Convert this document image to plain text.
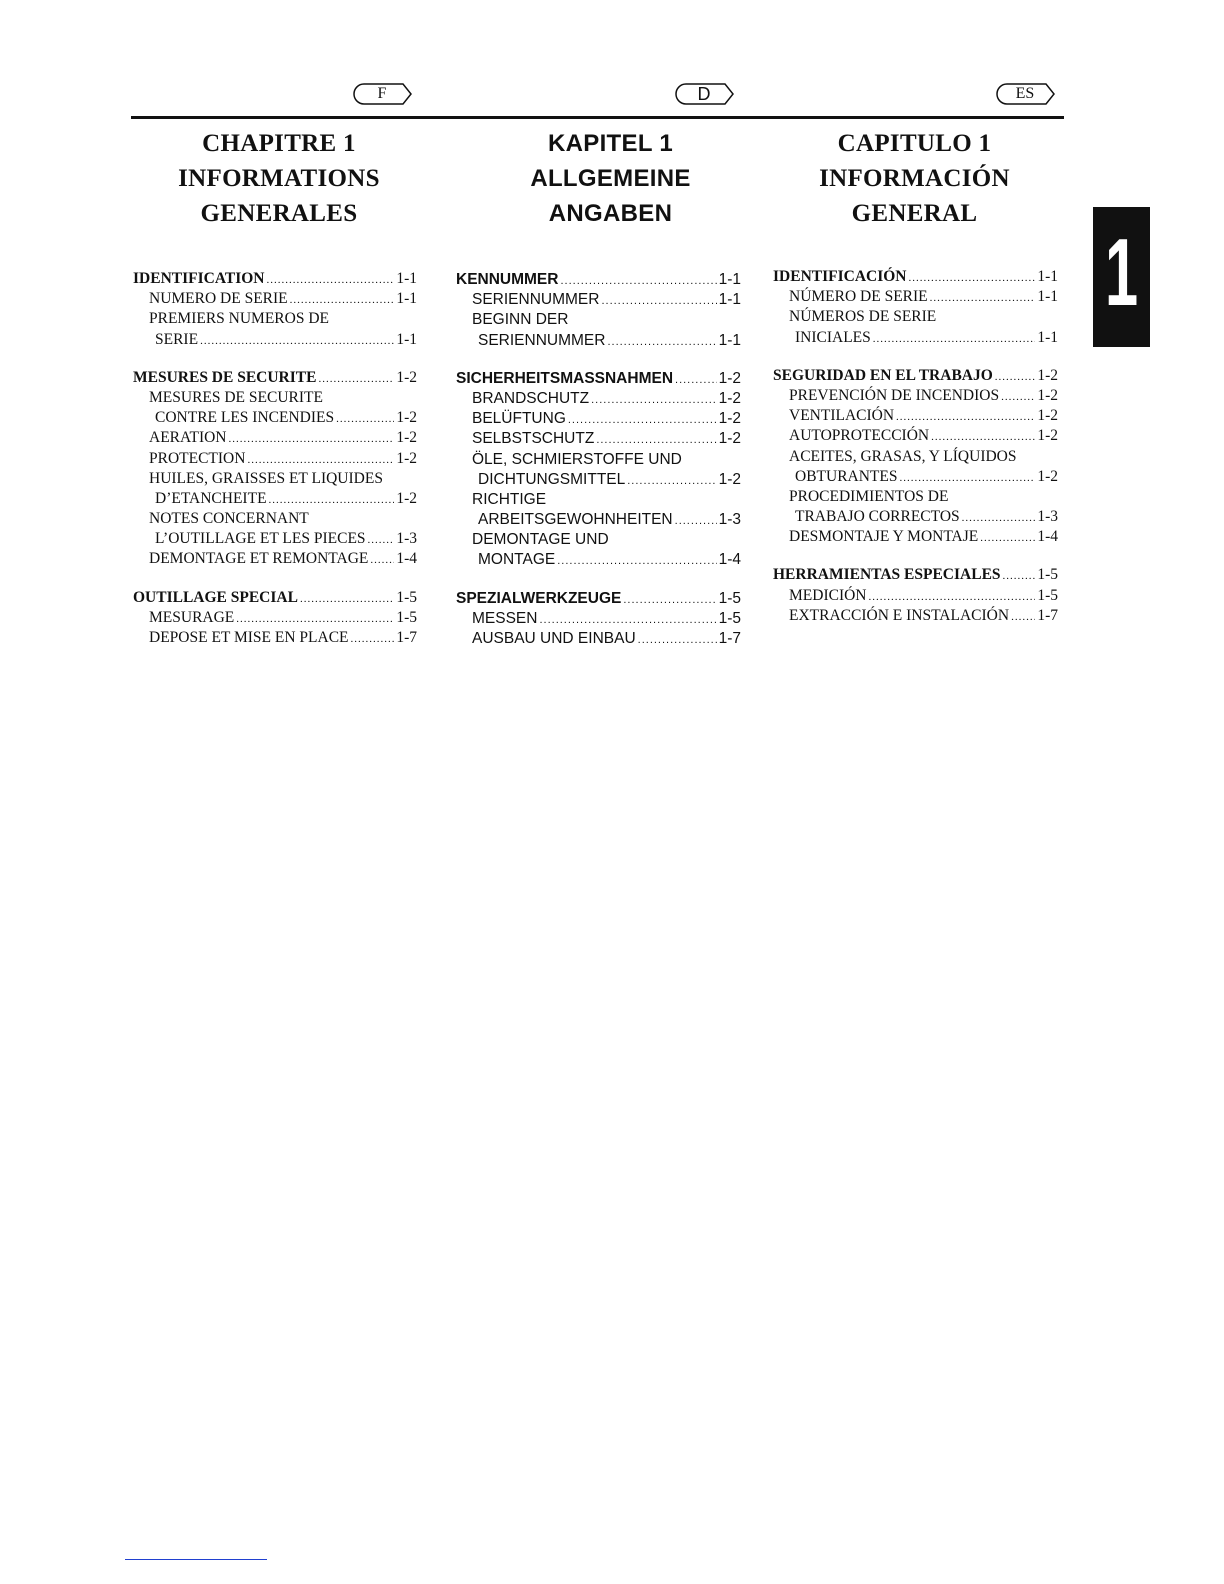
F	D	ES

CHAPITRE 1

INFORMATIONS

GENERALES

IDENTIFICATION .....	1-1
NUMERO DE SERIE .....	1-1
PREMIERS NUMEROS DE
SERIE .....	1-1
MESURES DE SECURITE .....	1-2
MESURES DE SECURITE
CONTRE LES INCENDIES .....	1-2
AERATION .....	1-2
PROTECTION .....	1-2
HUILES, GRAISSES ET LIQUIDES
D’ETANCHEITE .....	1-2
NOTES CONCERNANT
L’OUTILLAGE ET LES PIECES ..... 1-3
DEMONTAGE ET REMONTAGE ..... 1-4
OUTILLAGE SPECIAL .....	1-5
MESURAGE .....	1-5
DEPOSE ET MISE EN PLACE .....	1-7

KAPITEL 1

ALLGEMEINE

ANGABEN

KENNUMMER .....	1-1
SERIENNUMMER .....	1-1
BEGINN DER
SERIENNUMMER .....	1-1
SICHERHEITSMASSNAHMEN .....	1-2
BRANDSCHUTZ .....	1-2
BELÜFTUNG .....	1-2
SELBSTSCHUTZ .....	1-2
ÖLE, SCHMIERSTOFFE UND
DICHTUNGSMITTEL .....	1-2
RICHTIGE
ARBEITSGEWOHNHEITEN .....	1-3
DEMONTAGE UND
MONTAGE .....	1-4
SPEZIALWERKZEUGE .....	1-5
MESSEN .....	1-5
AUSBAU UND EINBAU .....	1-7

CAPITULO 1

INFORMACIÓN

GENERAL

IDENTIFICACIÓN .....	1-1
NÚMERO DE SERIE .....	1-1
NÚMEROS DE SERIE
INICIALES .....	1-1
SEGURIDAD EN EL TRABAJO .....	1-2
PREVENCIÓN DE INCENDIOS ..... 1-2
VENTILACIÓN .....	1-2
AUTOPROTECCIÓN .....	1-2
ACEITES, GRASAS, Y LÍQUIDOS
OBTURANTES .....	1-2
PROCEDIMIENTOS DE
TRABAJO CORRECTOS .....	1-3
DESMONTAJE Y MONTAJE .....	1-4
HERRAMIENTAS ESPECIALES ..... 1-5
MEDICIÓN .....	1-5
EXTRACCIÓN E INSTALACIÓN ..... 1-7
1
